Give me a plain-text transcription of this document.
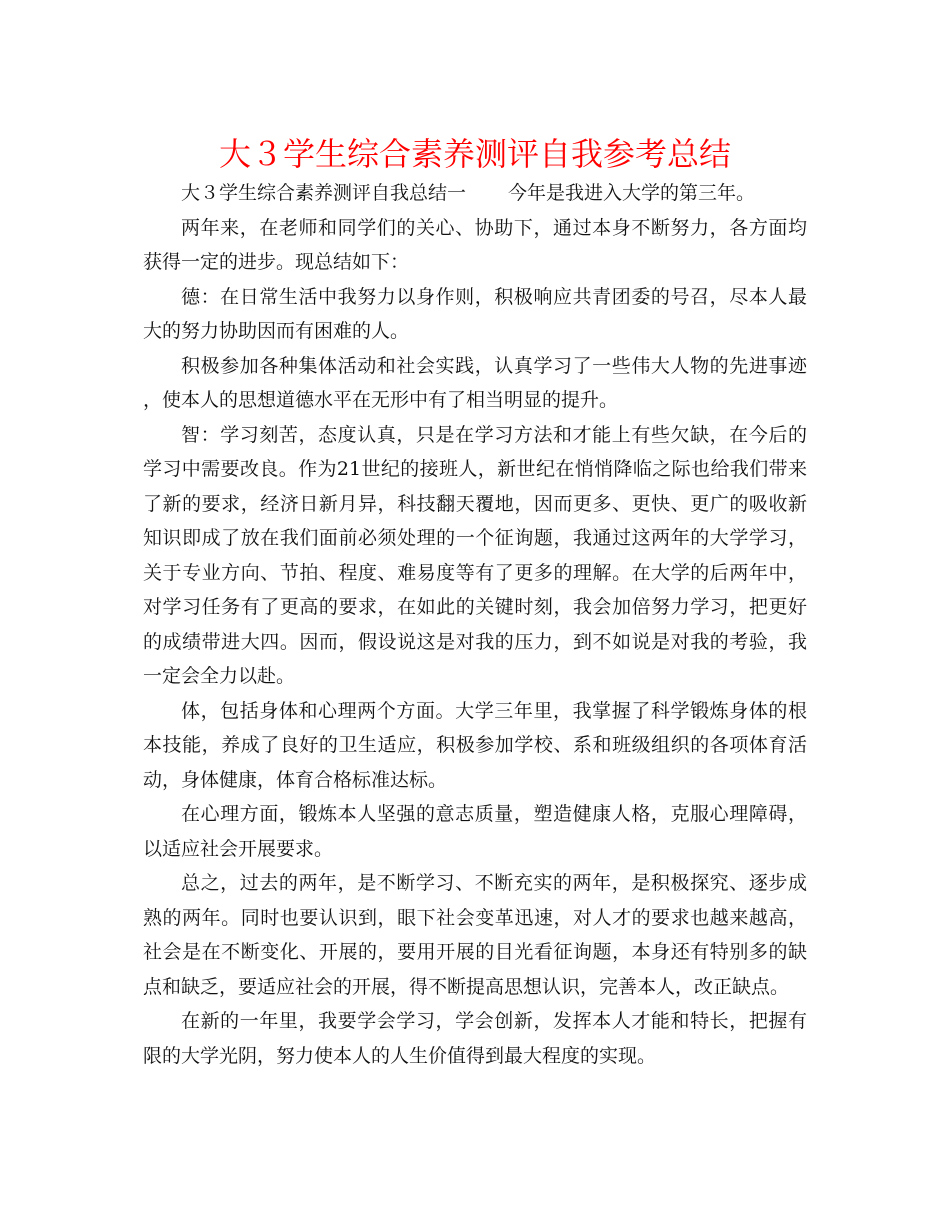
大３学生综合素养测评自我参考总结

大３学生综合素养测评自我总结一 今年是我进入大学的第三年。

两年来，在老师和同学们的关心、协助下，通过本身不断努力，各方面均获得一定的进步。现总结如下：

德：在日常生活中我努力以身作则，积极响应共青团委的号召，尽本人最大的努力协助因而有困难的人。

积极参加各种集体活动和社会实践，认真学习了一些伟大人物的先进事迹，使本人的思想道德水平在无形中有了相当明显的提升。

智：学习刻苦，态度认真，只是在学习方法和才能上有些欠缺，在今后的学习中需要改良。作为21世纪的接班人，新世纪在悄悄降临之际也给我们带来了新的要求，经济日新月异，科技翻天覆地，因而更多、更快、更广的吸收新知识即成了放在我们面前必须处理的一个征询题，我通过这两年的大学学习，关于专业方向、节拍、程度、难易度等有了更多的理解。在大学的后两年中，对学习任务有了更高的要求，在如此的关键时刻，我会加倍努力学习，把更好的成绩带进大四。因而，假设说这是对我的压力，到不如说是对我的考验，我一定会全力以赴。

体，包括身体和心理两个方面。大学三年里，我掌握了科学锻炼身体的根本技能，养成了良好的卫生适应，积极参加学校、系和班级组织的各项体育活动，身体健康，体育合格标准达标。

在心理方面，锻炼本人坚强的意志质量，塑造健康人格，克服心理障碍，以适应社会开展要求。

总之，过去的两年，是不断学习、不断充实的两年，是积极探究、逐步成熟的两年。同时也要认识到，眼下社会变革迅速，对人才的要求也越来越高，社会是在不断变化、开展的，要用开展的目光看征询题，本身还有特别多的缺点和缺乏，要适应社会的开展，得不断提高思想认识，完善本人，改正缺点。

在新的一年里，我要学会学习，学会创新，发挥本人才能和特长，把握有限的大学光阴，努力使本人的人生价值得到最大程度的实现。
